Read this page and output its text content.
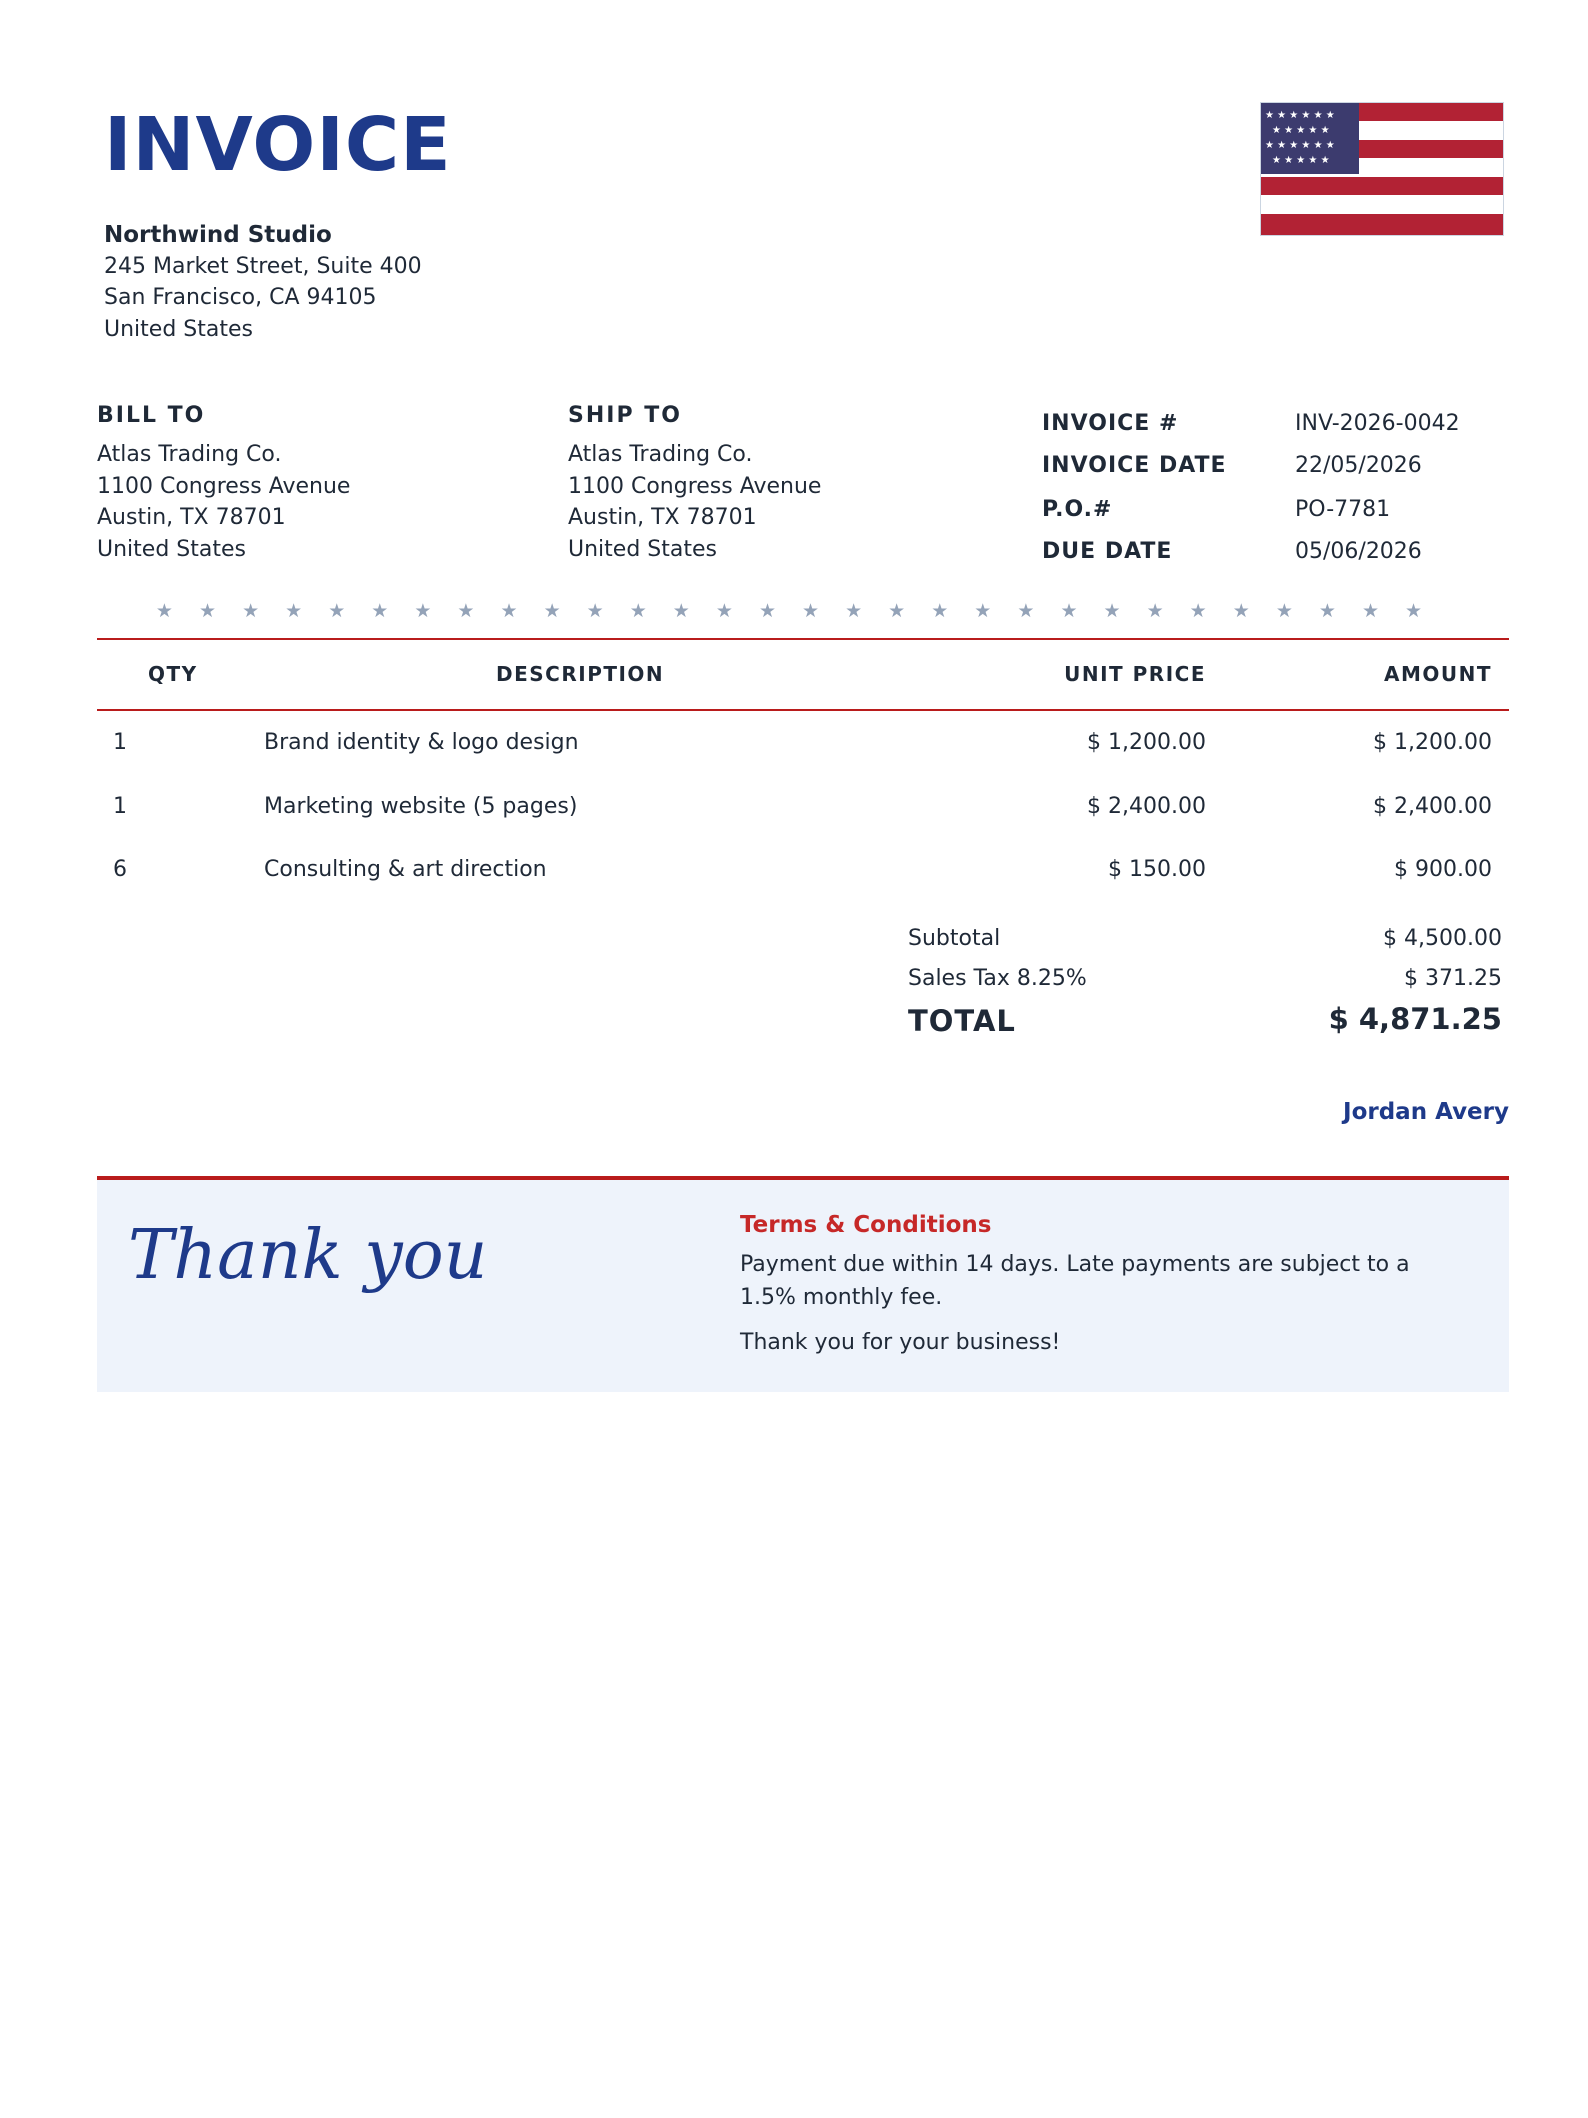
INVOICE
Northwind Studio
245 Market Street, Suite 400
San Francisco, CA 94105
United States
★ ★ ★ ★ ★ ★
★ ★ ★ ★ ★
★ ★ ★ ★ ★ ★
★ ★ ★ ★ ★
BILL TO
Atlas Trading Co.
1100 Congress Avenue
Austin, TX 78701
United States
SHIP TO
Atlas Trading Co.
1100 Congress Avenue
Austin, TX 78701
United States
INVOICE #	INV-2026-0042
INVOICE DATE	22/05/2026
P.O.#	PO-7781
DUE DATE	05/06/2026
★ ★ ★ ★ ★ ★ ★ ★ ★ ★ ★ ★ ★ ★ ★ ★ ★ ★ ★ ★ ★ ★ ★ ★ ★ ★ ★ ★ ★ ★
QTY	DESCRIPTION	UNIT PRICE	AMOUNT
1	Brand identity & logo design	$ 1,200.00	$ 1,200.00
1	Marketing website (5 pages)	$ 2,400.00	$ 2,400.00
6	Consulting & art direction	$ 150.00	$ 900.00
Subtotal	$ 4,500.00
Sales Tax 8.25%	$ 371.25
TOTAL	$ 4,871.25
Jordan Avery
Thank you	Terms & Conditions
Payment due within 14 days. Late payments are subject to a 1.5% monthly fee.
Thank you for your business!
